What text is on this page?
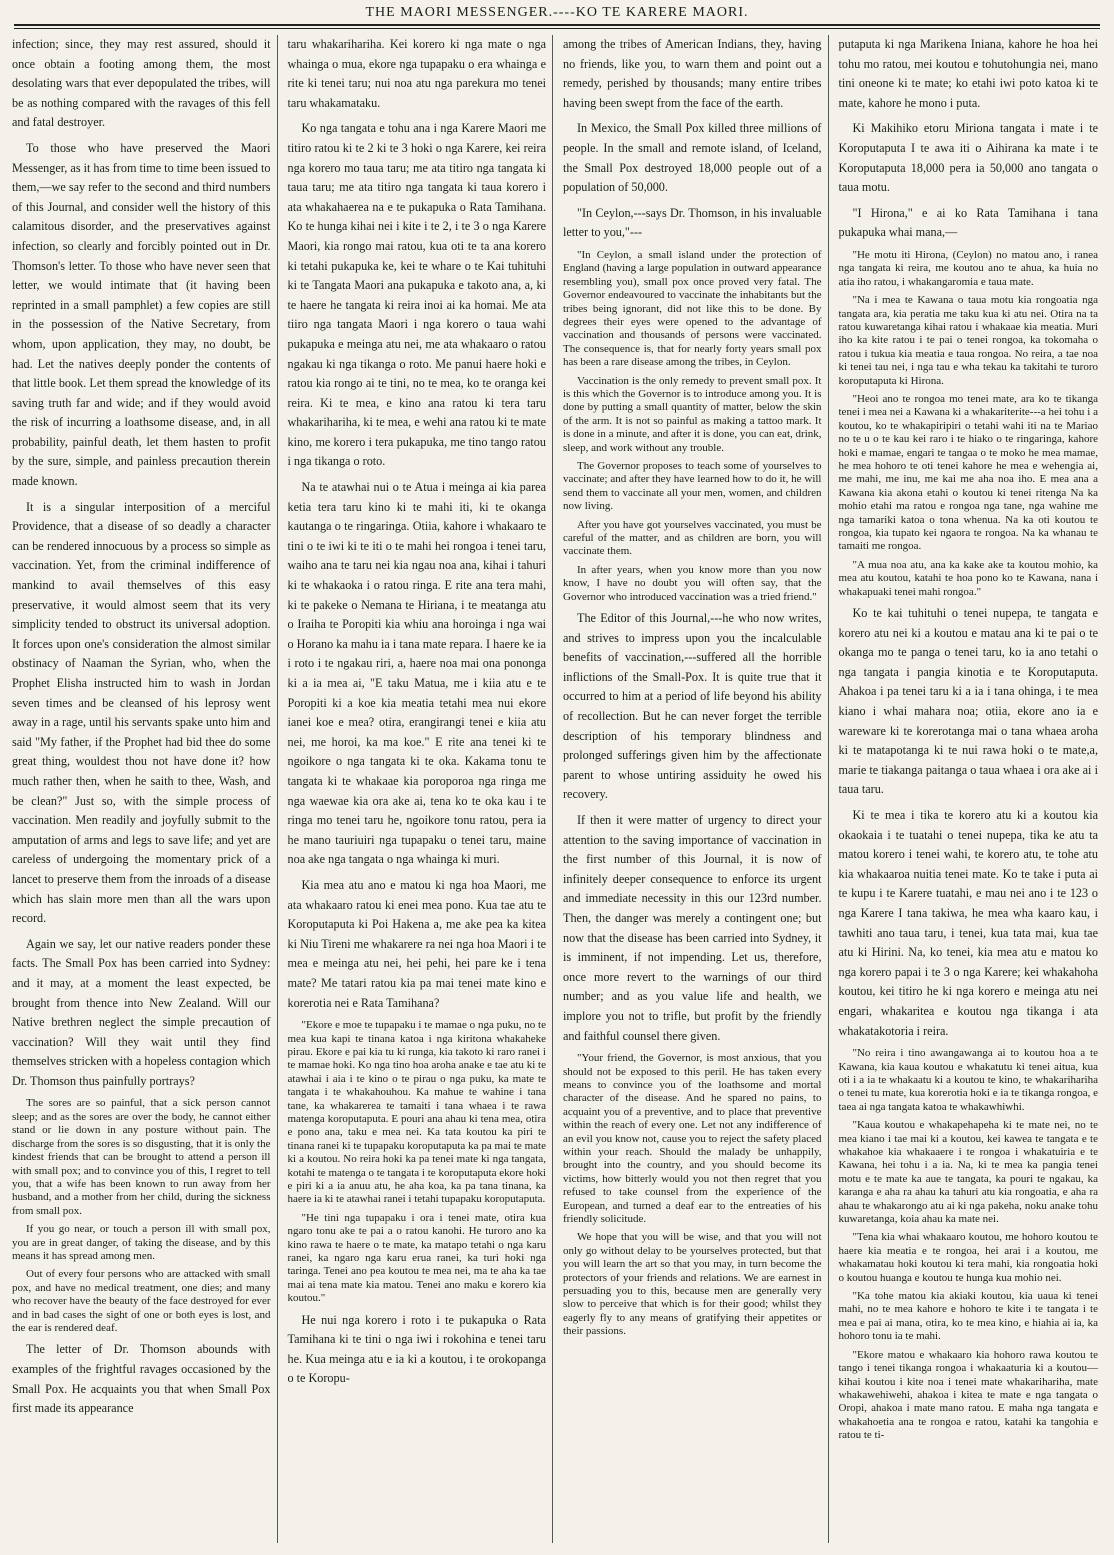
THE MAORI MESSENGER.----KO TE KARERE MAORI.

infection; since, they may rest assured, should it once obtain a footing among them, the most desolating wars that ever depopulated the tribes, will be as nothing compared with the ravages of this fell and fatal destroyer.

To those who have preserved the Maori Messenger, as it has from time to time been issued to them,—we say refer to the second and third numbers of this Journal, and consider well the history of this calamitous disorder, and the preservatives against infection, so clearly and forcibly pointed out in Dr. Thomson's letter. To those who have never seen that letter, we would intimate that (it having been reprinted in a small pamphlet) a few copies are still in the possession of the Native Secretary, from whom, upon application, they may, no doubt, be had. Let the natives deeply ponder the contents of that little book. Let them spread the knowledge of its saving truth far and wide; and if they would avoid the risk of incurring a loathsome disease, and, in all probability, painful death, let them hasten to profit by the sure, simple, and painless precaution therein made known.

It is a singular interposition of a merciful Providence, that a disease of so deadly a character can be rendered innocuous by a process so simple as vaccination. Yet, from the criminal indifference of mankind to avail themselves of this easy preservative, it would almost seem that its very simplicity tended to obstruct its universal adoption. It forces upon one's consideration the almost similar obstinacy of Naaman the Syrian, who, when the Prophet Elisha instructed him to wash in Jordan seven times and be cleansed of his leprosy went away in a rage, until his servants spake unto him and said "My father, if the Prophet had bid thee do some great thing, wouldest thou not have done it? how much rather then, when he saith to thee, Wash, and be clean?" Just so, with the simple process of vaccination. Men readily and joyfully submit to the amputation of arms and legs to save life; and yet are careless of undergoing the momentary prick of a lancet to preserve them from the inroads of a disease which has slain more men than all the wars upon record.

Again we say, let our native readers ponder these facts. The Small Pox has been carried into Sydney: and it may, at a moment the least expected, be brought from thence into New Zealand. Will our Native brethren neglect the simple precaution of vaccination? Will they wait until they find themselves stricken with a hopeless contagion which Dr. Thomson thus painfully portrays?

The sores are so painful, that a sick person cannot sleep; and as the sores are over the body, he cannot either stand or lie down in any posture without pain. The discharge from the sores is so disgusting, that it is only the kindest friends that can be brought to attend a person ill with small pox; and to convince you of this, I regret to tell you, that a wife has been known to run away from her husband, and a mother from her child, during the sickness from small pox.

If you go near, or touch a person ill with small pox, you are in great danger, of taking the disease, and by this means it has spread among men.

Out of every four persons who are attacked with small pox, and have no medical treatment, one dies; and many who recover have the beauty of the face destroyed for ever and in bad cases the sight of one or both eyes is lost, and the ear is rendered deaf.

The letter of Dr. Thomson abounds with examples of the frightful ravages occasioned by the Small Pox. He acquaints you that when Small Pox first made its appearance

taru whakarihariha. Kei korero ki nga mate o nga whainga o mua, ekore nga tupapaku o era whainga e rite ki tenei taru; nui noa atu nga parekura mo tenei taru whakamataku.

Ko nga tangata e tohu ana i nga Karere Maori me titiro ratou ki te 2 ki te 3 hoki o nga Karere, kei reira nga korero mo taua taru; me ata titiro nga tangata ki taua taru; me ata titiro nga tangata ki taua korero i ata whakahaerea na e te pukapuka o Rata Tamihana. Ko te hunga kihai nei i kite i te 2, i te 3 o nga Karere Maori, kia rongo mai ratou, kua oti te ta ana korero ki tetahi pukapuka ke, kei te whare o te Kai tuhituhi ki te Tangata Maori ana pukapuka e takoto ana, a, ki te haere he tangata ki reira inoi ai ka homai. Me ata tiiro nga tangata Maori i nga korero o taua wahi pukapuka e meinga atu nei, me ata whakaaro o ratou ngakau ki nga tikanga o roto. Me panui haere hoki e ratou kia rongo ai te tini, no te mea, ko te oranga kei reira. Ki te mea, e kino ana ratou ki tera taru whakarihariha, ki te mea, e wehi ana ratou ki te mate kino, me korero i tera pukapuka, me tino tango ratou i nga tikanga o roto.

Na te atawhai nui o te Atua i meinga ai kia parea ketia tera taru kino ki te mahi iti, ki te okanga kautanga o te ringaringa. Otiia, kahore i whakaaro te tini o te iwi ki te iti o te mahi hei rongoa i tenei taru, waiho ana te taru nei kia ngau noa ana, kihai i tahuri ki te whakaoka i o ratou ringa. E rite ana tera mahi, ki te pakeke o Nemana te Hiriana, i te meatanga atu o Iraiha te Poropiti kia whiu ana horoinga i nga wai o Horano ka mahu ia i tana mate repara. I haere ke ia i roto i te ngakau riri, a, haere noa mai ona pononga ki a ia mea ai, "E taku Matua, me i kiia atu e te Poropiti ki a koe kia meatia tetahi mea nui ekore ianei koe e mea? otira, erangirangi tenei e kiia atu nei, me horoi, ka ma koe." E rite ana tenei ki te ngoikore o nga tangata ki te oka. Kakama tonu te tangata ki te whakaae kia poroporoa nga ringa me nga waewae kia ora ake ai, tena ko te oka kau i te ringa mo tenei taru he, ngoikore tonu ratou, pera ia he mano tauriuiri nga tupapaku o tenei taru, maine noa ake nga tangata o nga whainga ki muri.

Kia mea atu ano e matou ki nga hoa Maori, me ata whakaaro ratou ki enei mea pono. Kua tae atu te Koroputaputa ki Poi Hakena a, me ake pea ka kitea ki Niu Tireni me whakarere ra nei nga hoa Maori i te mea e meinga atu nei, hei pehi, hei pare ke i tena mate? Me tatari ratou kia pa mai tenei mate kino e korerotia nei e Rata Tamihana?

"Ekore e moe te tupapaku i te mamae o nga puku, no te mea kua kapi te tinana katoa i nga kiritona whakaheke pirau. Ekore e pai kia tu ki runga, kia takoto ki raro ranei i te mamae hoki. Ko nga tino hoa aroha anake e tae atu ki te atawhai i aia i te kino o te pirau o nga puku, ka mate te tangata i te whakahouhou. Ka mahue te wahine i tana tane, ka whakarerea te tamaiti i tana whaea i te rawa matenga koroputaputa. E pouri ana ahau ki tena mea, otira e pono ana, taku e mea nei. Ka tata koutou ka piri te tinana ranei ki te tupapaku koroputaputa ka pa mai te mate ki a koutou. No reira hoki ka pa tenei mate ki nga tangata, kotahi te matenga o te tangata i te koroputaputa ekore hoki e piri ki a ia anuu atu, he aha koa, ka pa tana tinana, ka haere ia ki te atawhai ranei i tetahi tupapaku koroputaputa.

"He tini nga tupapaku i ora i tenei mate, otira kua ngaro tonu ake te pai a o ratou kanohi. He turoro ano ka kino rawa te haere o te mate, ka matapo tetahi o nga karu ranei, ka ngaro nga karu erua ranei, ka turi hoki nga taringa. Tenei ano pea koutou te mea nei, ma te aha ka tae mai ai tena mate kia matou. Tenei ano maku e korero kia koutou."

He nui nga korero i roto i te pukapuka o Rata Tamihana ki te tini o nga iwi i rokohina e tenei taru he. Kua meinga atu e ia ki a koutou, i te orokopanga o te Koropu-

among the tribes of American Indians, they, having no friends, like you, to warn them and point out a remedy, perished by thousands; many entire tribes having been swept from the face of the earth.

In Mexico, the Small Pox killed three millions of people. In the small and remote island, of Iceland, the Small Pox destroyed 18,000 people out of a population of 50,000.

"In Ceylon,---says Dr. Thomson, in his invaluable letter to you,"---

"In Ceylon, a small island under the protection of England (having a large population in outward appearance resembling you), small pox once proved very fatal. The Governor endeavoured to vaccinate the inhabitants but the tribes being ignorant, did not like this to be done. By degrees their eyes were opened to the advantage of vaccination and thousands of persons were vaccinated. The consequence is, that for nearly forty years small pox has been a rare disease among the tribes, in Ceylon.

Vaccination is the only remedy to prevent small pox. It is this which the Governor is to introduce among you. It is done by putting a small quantity of matter, below the skin of the arm. It is not so painful as making a tattoo mark. It is done in a minute, and after it is done, you can eat, drink, sleep, and work without any trouble.

The Governor proposes to teach some of yourselves to vaccinate; and after they have learned how to do it, he will send them to vaccinate all your men, women, and children now living.

After you have got yourselves vaccinated, you must be careful of the matter, and as children are born, you will vaccinate them.

In after years, when you know more than you now know, I have no doubt you will often say, that the Governor who introduced vaccination was a tried friend."

The Editor of this Journal,---he who now writes, and strives to impress upon you the incalculable benefits of vaccination,---suffered all the horrible inflictions of the Small-Pox. It is quite true that it occurred to him at a period of life beyond his ability of recollection. But he can never forget the terrible description of his temporary blindness and prolonged sufferings given him by the affectionate parent to whose untiring assiduity he owed his recovery.

If then it were matter of urgency to direct your attention to the saving importance of vaccination in the first number of this Journal, it is now of infinitely deeper consequence to enforce its urgent and immediate necessity in this our 123rd number. Then, the danger was merely a contingent one; but now that the disease has been carried into Sydney, it is imminent, if not impending. Let us, therefore, once more revert to the warnings of our third number; and as you value life and health, we implore you not to trifle, but profit by the friendly and faithful counsel there given.

"Your friend, the Governor, is most anxious, that you should not be exposed to this peril. He has taken every means to convince you of the loathsome and mortal character of the disease. And he spared no pains, to acquaint you of a preventive, and to place that preventive within the reach of every one. Let not any indifference of an evil you know not, cause you to reject the safety placed within your reach. Should the malady be unhappily, brought into the country, and you should become its victims, how bitterly would you not then regret that you refused to take counsel from the experience of the European, and turned a deaf ear to the entreaties of his friendly solicitude.

We hope that you will be wise, and that you will not only go without delay to be yourselves protected, but that you will learn the art so that you may, in turn become the protectors of your friends and relations. We are earnest in persuading you to this, because men are generally very slow to perceive that which is for their good; whilst they eagerly fly to any means of gratifying their appetites or their passions.

putaputa ki nga Marikena Iniana, kahore he hoa hei tohu mo ratou, mei koutou e tohutohungia nei, mano tini oneone ki te mate; ko etahi iwi poto katoa ki te mate, kahore he mono i puta.

Ki Makihiko etoru Miriona tangata i mate i te Koroputaputa I te awa iti o Aihirana ka mate i te Koroputaputa 18,000 pera ia 50,000 ano tangata o taua motu.

"I Hirona," e ai ko Rata Tamihana i tana pukapuka whai mana,—

"He motu iti Hirona, (Ceylon) no matou ano, i ranea nga tangata ki reira, me koutou ano te ahua, ka huia no atia iho ratou, i whakangaromia e taua mate.

"Na i mea te Kawana o taua motu kia rongoatia nga tangata ara, kia peratia me taku kua ki atu nei. Otira na ta ratou kuwaretanga kihai ratou i whakaae kia meatia. Muri iho ka kite ratou i te pai o tenei rongoa, ka tokomaha o ratou i tukua kia meatia e taua rongoa. No reira, a tae noa ki tenei tau nei, i nga tau e wha tekau ka takitahi te turoro koroputaputa ki Hirona.

"Heoi ano te rongoa mo tenei mate, ara ko te tikanga tenei i mea nei a Kawana ki a whakariterite---a hei tohu i a koutou, ko te whakapiripiri o tetahi wahi iti na te Mariao no te u o te kau kei raro i te hiako o te ringaringa, kahore hoki e mamae, engari te tangaa o te moko he mea mamae, he mea hohoro te oti tenei kahore he mea e wehengia ai, me mahi, me inu, me kai me aha noa iho. E mea ana a Kawana kia akona etahi o koutou ki tenei ritenga Na ka mohio etahi ma ratou e rongoa nga tane, nga wahine me nga tamariki katoa o tona whenua. Na ka oti koutou te rongoa, kia tupato kei ngaora te rongoa. Na ka whanau te tamaiti me rongoa.

"A mua noa atu, ana ka kake ake ta koutou mohio, ka mea atu koutou, katahi te hoa pono ko te Kawana, nana i whakapuaki tenei mahi rongoa."

Ko te kai tuhituhi o tenei nupepa, te tangata e korero atu nei ki a koutou e matau ana ki te pai o te okanga mo te panga o tenei taru, ko ia ano tetahi o nga tangata i pangia kinotia e te Koroputaputa. Ahakoa i pa tenei taru ki a ia i tana ohinga, i te mea kiano i whai mahara noa; otiia, ekore ano ia e wareware ki te korerotanga mai o tana whaea aroha ki te matapotanga ki te nui rawa hoki o te mate,a, marie te tiakanga paitanga o taua whaea i ora ake ai i taua taru.

Ki te mea i tika te korero atu ki a koutou kia okaokaia i te tuatahi o tenei nupepa, tika ke atu ta matou korero i tenei wahi, te korero atu, te tohe atu kia whakaaroa nuitia tenei mate. Ko te take i puta ai te kupu i te Karere tuatahi, e mau nei ano i te 123 o nga Karere I tana takiwa, he mea wha kaaro kau, i tawhiti ano taua taru, i tenei, kua tata mai, kua tae atu ki Hirini. Na, ko tenei, kia mea atu e matou ko nga korero papai i te 3 o nga Karere; kei whakahoha koutou, kei titiro he ki nga korero e meinga atu nei engari, whakaritea e koutou nga tikanga i ata whakatakotoria i reira.

"No reira i tino awangawanga ai to koutou hoa a te Kawana, kia kaua koutou e whakatutu ki tenei aitua, kua oti i a ia te whakaatu ki a koutou te kino, te whakarihariha o tenei tu mate, kua korerotia hoki e ia te tikanga rongoa, e taea ai nga tangata katoa te whakawhiwhi.

"Kaua koutou e whakapehapeha ki te mate nei, no te mea kiano i tae mai ki a koutou, kei kawea te tangata e te whakahoe kia whakaaere i te rongoa i whakatuiria e te Kawana, hei tohu i a ia. Na, ki te mea ka pangia tenei motu e te mate ka aue te tangata, ka pouri te ngakau, ka karanga e aha ra ahau ka tahuri atu kia rongoatia, e aha ra ahau te whakarongo atu ai ki nga pakeha, noku anake tohu kuwaretanga, koia ahau ka mate nei.

"Tena kia whai whakaaro koutou, me hohoro koutou te haere kia meatia e te rongoa, hei arai i a koutou, me whakamatau hoki koutou ki tera mahi, kia rongoatia hoki o koutou huanga e koutou te hunga kua mohio nei.

"Ka tohe matou kia akiaki koutou, kia uaua ki tenei mahi, no te mea kahore e hohoro te kite i te tangata i te mea e pai ai mana, otira, ko te mea kino, e hiahia ai ia, ka hohoro tonu ia te mahi.

"Ekore matou e whakaaro kia hohoro rawa koutou te tango i tenei tikanga rongoa i whakaaturia ki a koutou—kihai koutou i kite noa i tenei mate whakarihariha, mate whakawehiwehi, ahakoa i kitea te mate e nga tangata o Oropi, ahakoa i mate mano ratou. E maha nga tangata e whakahoetia ana te rongoa e ratou, katahi ka tangohia e ratou te ti-
